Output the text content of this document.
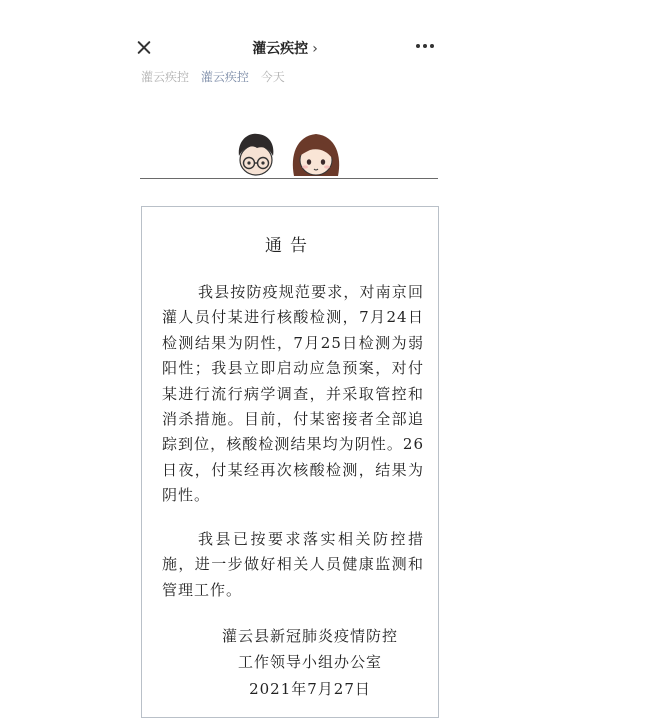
灌云疾控 ›
灌云疾控 灌云疾控 今天
通告
我县按防疫规范要求，对南京回灌人员付某进行核酸检测，7月24日检测结果为阴性，7月25日检测为弱阳性；我县立即启动应急预案，对付某进行流行病学调查，并采取管控和消杀措施。目前，付某密接者全部追踪到位，核酸检测结果均为阴性。26日夜，付某经再次核酸检测，结果为阴性。
我县已按要求落实相关防控措施，进一步做好相关人员健康监测和管理工作。
灌云县新冠肺炎疫情防控
工作领导小组办公室
2021年7月27日
